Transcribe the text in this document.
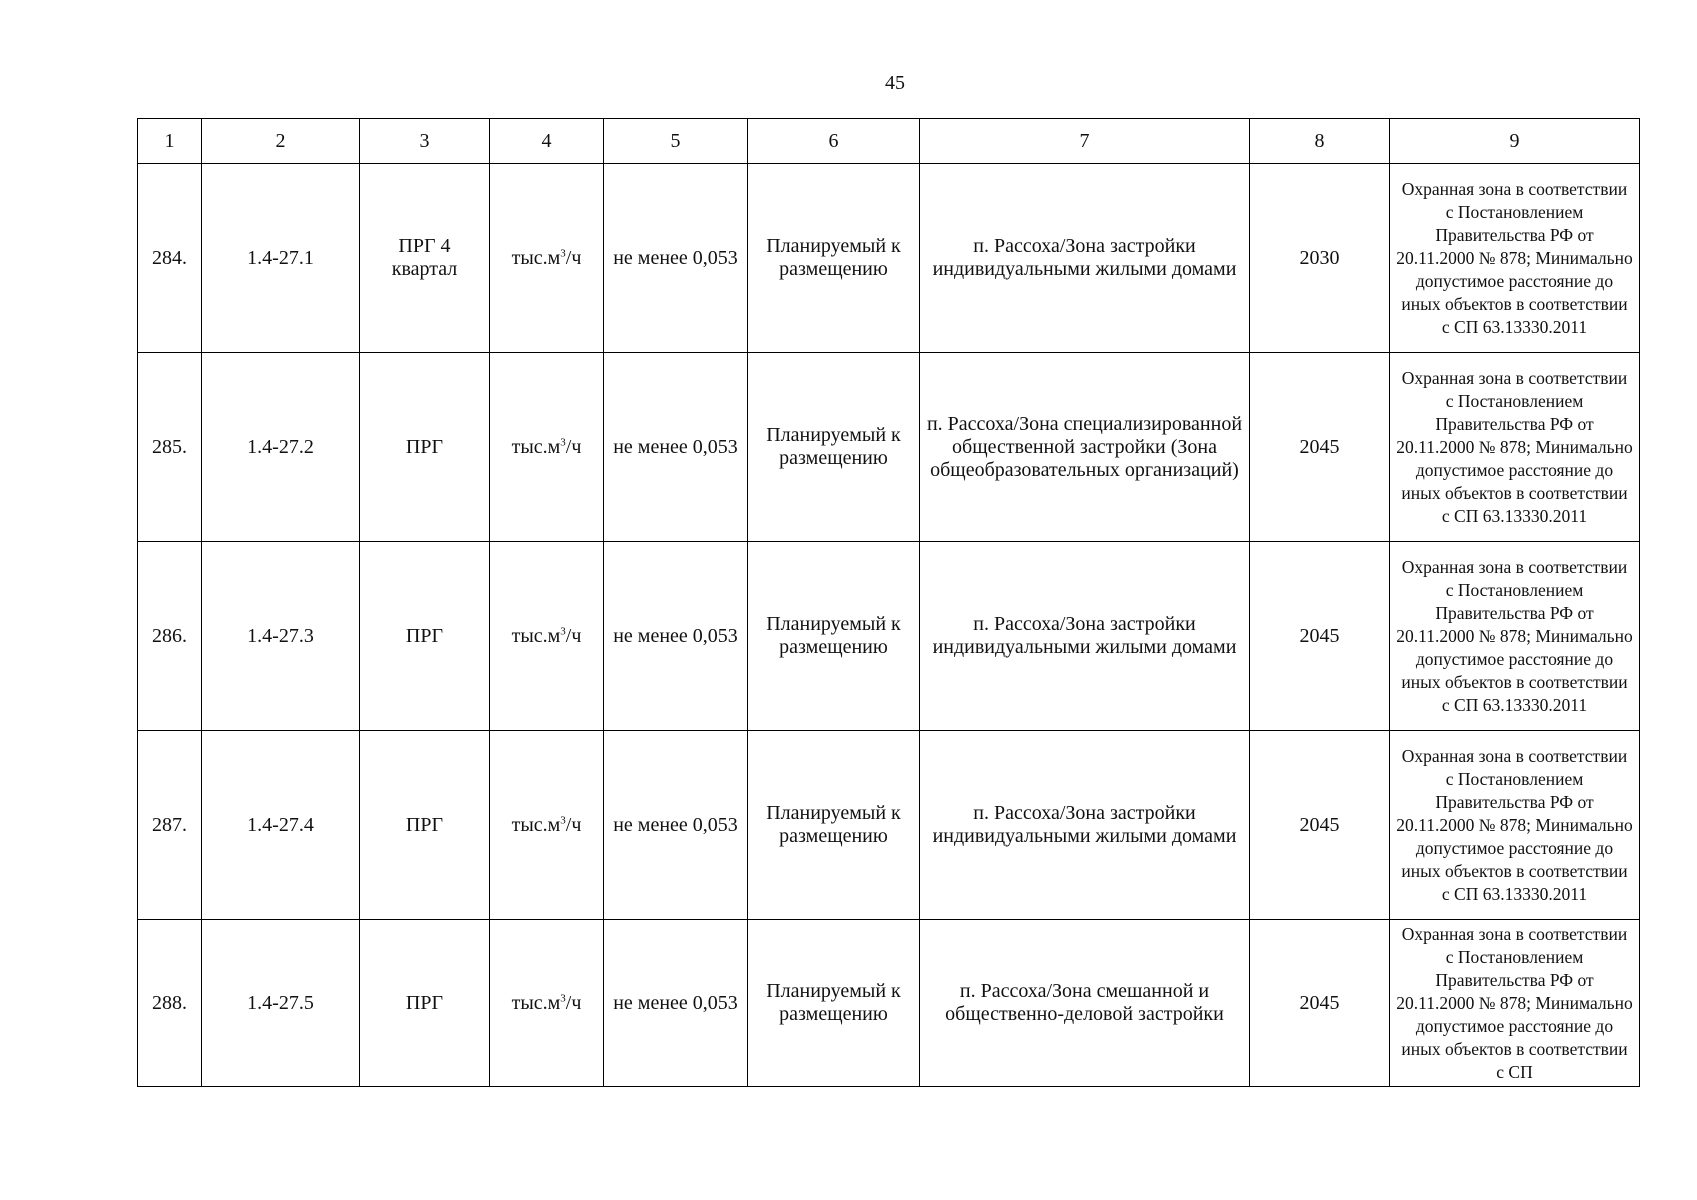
45
1	2	3	4	5	6	7	8	9
284.	1.4-27.1	ПРГ 4 квартал	$тыс.м^3/ч$	не менее 0,053	Планируемый к размещению	п. Рассоха/Зона застройки индивидуальными жилыми домами	2030	Охранная зона в соответствии с Постановлением Правительства РФ от 20.11.2000 № 878; Минимально допустимое расстояние до иных объектов в соответствии с СП 63.13330.2011
285.	1.4-27.2	ПРГ	$тыс.м^3/ч$	не менее 0,053	Планируемый к размещению	п. Рассоха/Зона специализированной общественной застройки (Зона общеобразовательных организаций)	2045	Охранная зона в соответствии с Постановлением Правительства РФ от 20.11.2000 № 878; Минимально допустимое расстояние до иных объектов в соответствии с СП 63.13330.2011
286.	1.4-27.3	ПРГ	$тыс.м^3/ч$	не менее 0,053	Планируемый к размещению	п. Рассоха/Зона застройки индивидуальными жилыми домами	2045	Охранная зона в соответствии с Постановлением Правительства РФ от 20.11.2000 № 878; Минимально допустимое расстояние до иных объектов в соответствии с СП 63.13330.2011
287.	1.4-27.4	ПРГ	$тыс.м^3/ч$	не менее 0,053	Планируемый к размещению	п. Рассоха/Зона застройки индивидуальными жилыми домами	2045	Охранная зона в соответствии с Постановлением Правительства РФ от 20.11.2000 № 878; Минимально допустимое расстояние до иных объектов в соответствии с СП 63.13330.2011
288.	1.4-27.5	ПРГ	$тыс.м^3/ч$	не менее 0,053	Планируемый к размещению	п. Рассоха/Зона смешанной и общественно-деловой застройки	2045	Охранная зона в соответствии с Постановлением Правительства РФ от 20.11.2000 № 878; Минимально допустимое расстояние до иных объектов в соответствии с СП
